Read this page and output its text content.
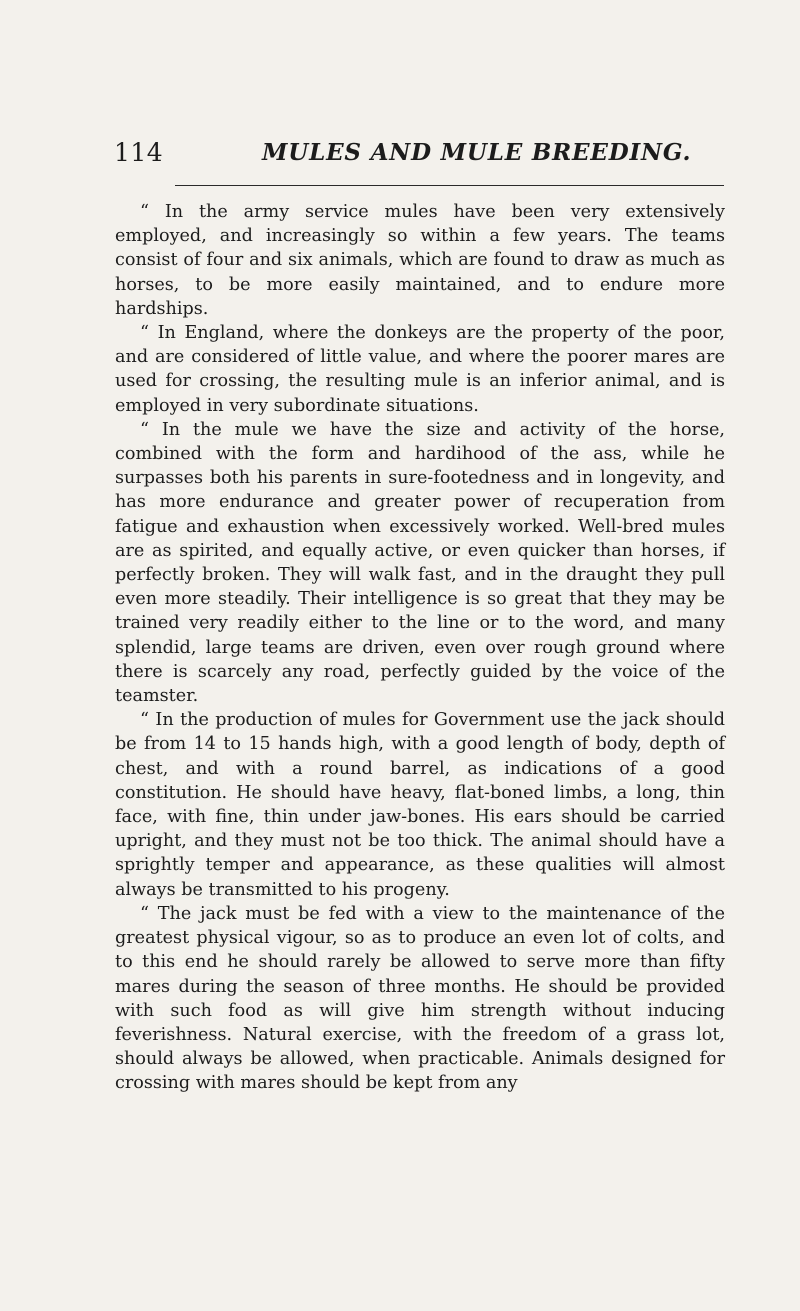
114	MULES AND MULE BREEDING.

“ In the army service mules have been very extensively employed, and increasingly so within a few years. The teams consist of four and six animals, which are found to draw as much as horses, to be more easily maintained, and to endure more hardships.

“ In England, where the donkeys are the property of the poor, and are considered of little value, and where the poorer mares are used for crossing, the resulting mule is an inferior animal, and is employed in very subordinate situations.

“ In the mule we have the size and activity of the horse, combined with the form and hardihood of the ass, while he surpasses both his parents in sure-footedness and in longevity, and has more endurance and greater power of recuperation from fatigue and exhaustion when excessively worked. Well-bred mules are as spirited, and equally active, or even quicker than horses, if perfectly broken. They will walk fast, and in the draught they pull even more steadily. Their intelligence is so great that they may be trained very readily either to the line or to the word, and many splendid, large teams are driven, even over rough ground where there is scarcely any road, perfectly guided by the voice of the teamster.

“ In the production of mules for Government use the jack should be from 14 to 15 hands high, with a good length of body, depth of chest, and with a round barrel, as indications of a good constitution. He should have heavy, flat-boned limbs, a long, thin face, with fine, thin under jaw-bones. His ears should be carried upright, and they must not be too thick. The animal should have a sprightly temper and appearance, as these qualities will almost always be transmitted to his progeny.

“ The jack must be fed with a view to the maintenance of the greatest physical vigour, so as to produce an even lot of colts, and to this end he should rarely be allowed to serve more than fifty mares during the season of three months. He should be provided with such food as will give him strength without inducing feverishness. Natural exercise, with the freedom of a grass lot, should always be allowed, when practicable. Animals designed for crossing with mares should be kept from any
